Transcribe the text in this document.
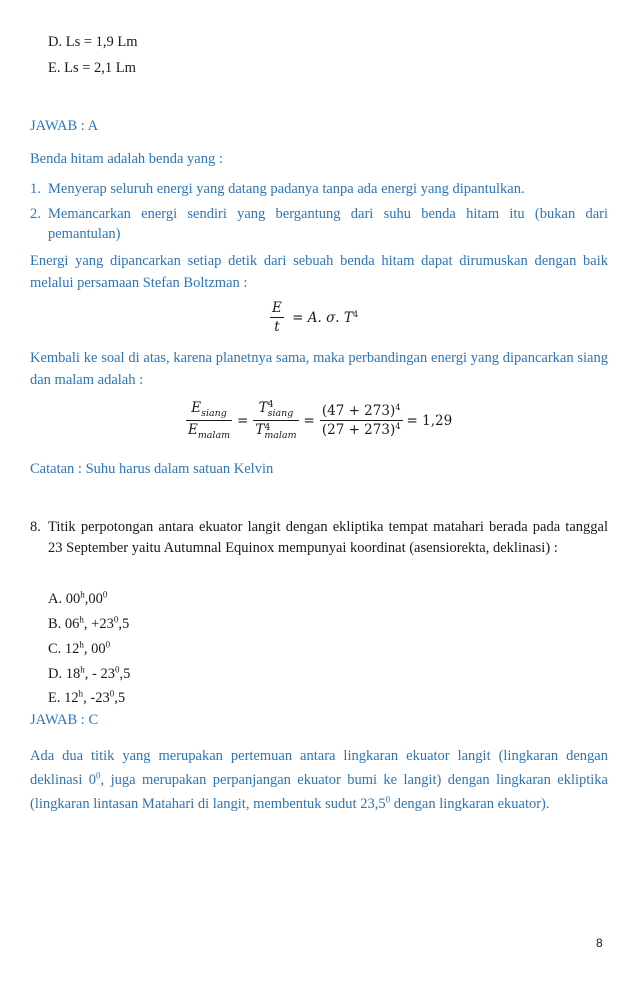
D. Ls = 1,9 Lm
E. Ls = 2,1 Lm
JAWAB : A
Benda hitam adalah benda yang :
1. Menyerap seluruh energi yang datang padanya tanpa ada energi yang dipantulkan.
2. Memancarkan energi sendiri yang bergantung dari suhu benda hitam itu (bukan dari pemantulan)
Energi yang dipancarkan setiap detik dari sebuah benda hitam dapat dirumuskan dengan baik melalui persamaan Stefan Boltzman :
$\frac{E}{t} = A$. σ. $T^4$
Kembali ke soal di atas, karena planetnya sama, maka perbandingan energi yang dipancarkan siang dan malam adalah :
E
siang
E
malam = T 4
siang
T 4
malam = $\frac{(47 + 273)^4}{(27 + 273)^4} = 1,29$
Catatan : Suhu harus dalam satuan Kelvin
8. Titik perpotongan antara ekuator langit dengan ekliptika tempat matahari berada pada tanggal 23 September yaitu Autumnal Equinox mempunyai koordinat (asensiorekta, deklinasi) :
A. $00^h,00^0$
B. $06^h$, $+23^0,5$
C. 12$^h$, $00^0$
D. 18$^h$, - $23^0,5$
E. 12$^h$, $-23^0,5$
JAWAB : C
Ada dua titik yang merupakan pertemuan antara lingkaran ekuator langit (lingkaran dengan deklinasi $0^0$, juga merupakan perpanjangan ekuator bumi ke langit) dengan lingkaran ekliptika (lingkaran lintasan Matahari di langit, membentuk sudut 23,5$^0$ dengan lingkaran ekuator).
8
